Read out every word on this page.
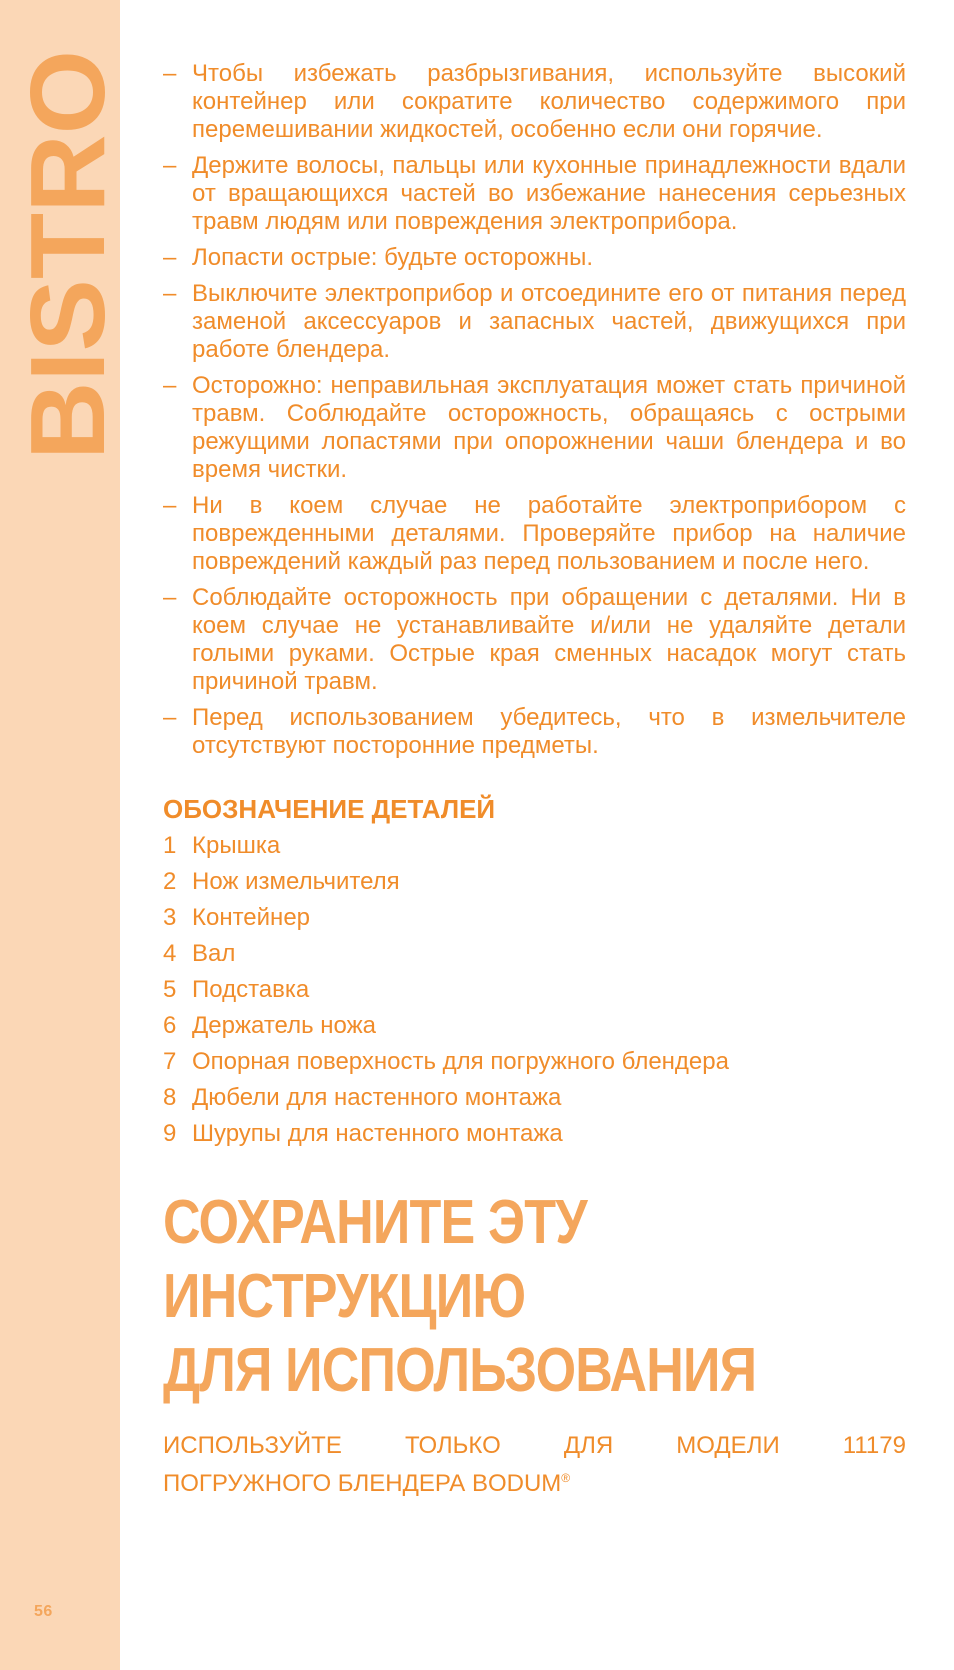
BISTRO
56
– Чтобы избежать разбрызгивания, используйте высокий контейнер или сократите количество содержимого при перемешивании жидкостей, особенно если они горячие.
– Держите волосы, пальцы или кухонные принадлежности вдали от вращающихся частей во избежание нанесения серьезных травм людям или повреждения электроприбора.
– Лопасти острые: будьте осторожны.
– Выключите электроприбор и отсоедините его от питания перед заменой аксессуаров и запасных частей, движущихся при работе блендера.
– Осторожно: неправильная эксплуатация может стать причиной травм. Соблюдайте осторожность, обращаясь с острыми режущими лопастями при опорожнении чаши блендера и во время чистки.
– Ни в коем случае не работайте электроприбором с поврежденными деталями. Проверяйте прибор на наличие повреждений каждый раз перед пользованием и после него.
– Соблюдайте осторожность при обращении с деталями. Ни в коем случае не устанавливайте и/или не удаляйте детали голыми руками. Острые края сменных насадок могут стать причиной травм.
– Перед использованием убедитесь, что в измельчителе отсутствуют посторонние предметы.
ОБОЗНАЧЕНИЕ ДЕТАЛЕЙ
1 Крышка
2 Нож измельчителя
3 Контейнер
4 Вал
5 Подставка
6 Держатель ножа
7 Опорная поверхность для погружного блендера
8 Дюбели для настенного монтажа
9 Шурупы для настенного монтажа
СОХРАНИТЕ ЭТУ ИНСТРУКЦИЮ
ДЛЯ ИСПОЛЬЗОВАНИЯ
ИСПОЛЬЗУЙТЕ	ТОЛЬКО	ДЛЯ	МОДЕЛИ	11179
ПОГРУЖНОГО БЛЕНДЕРА BODUM®
